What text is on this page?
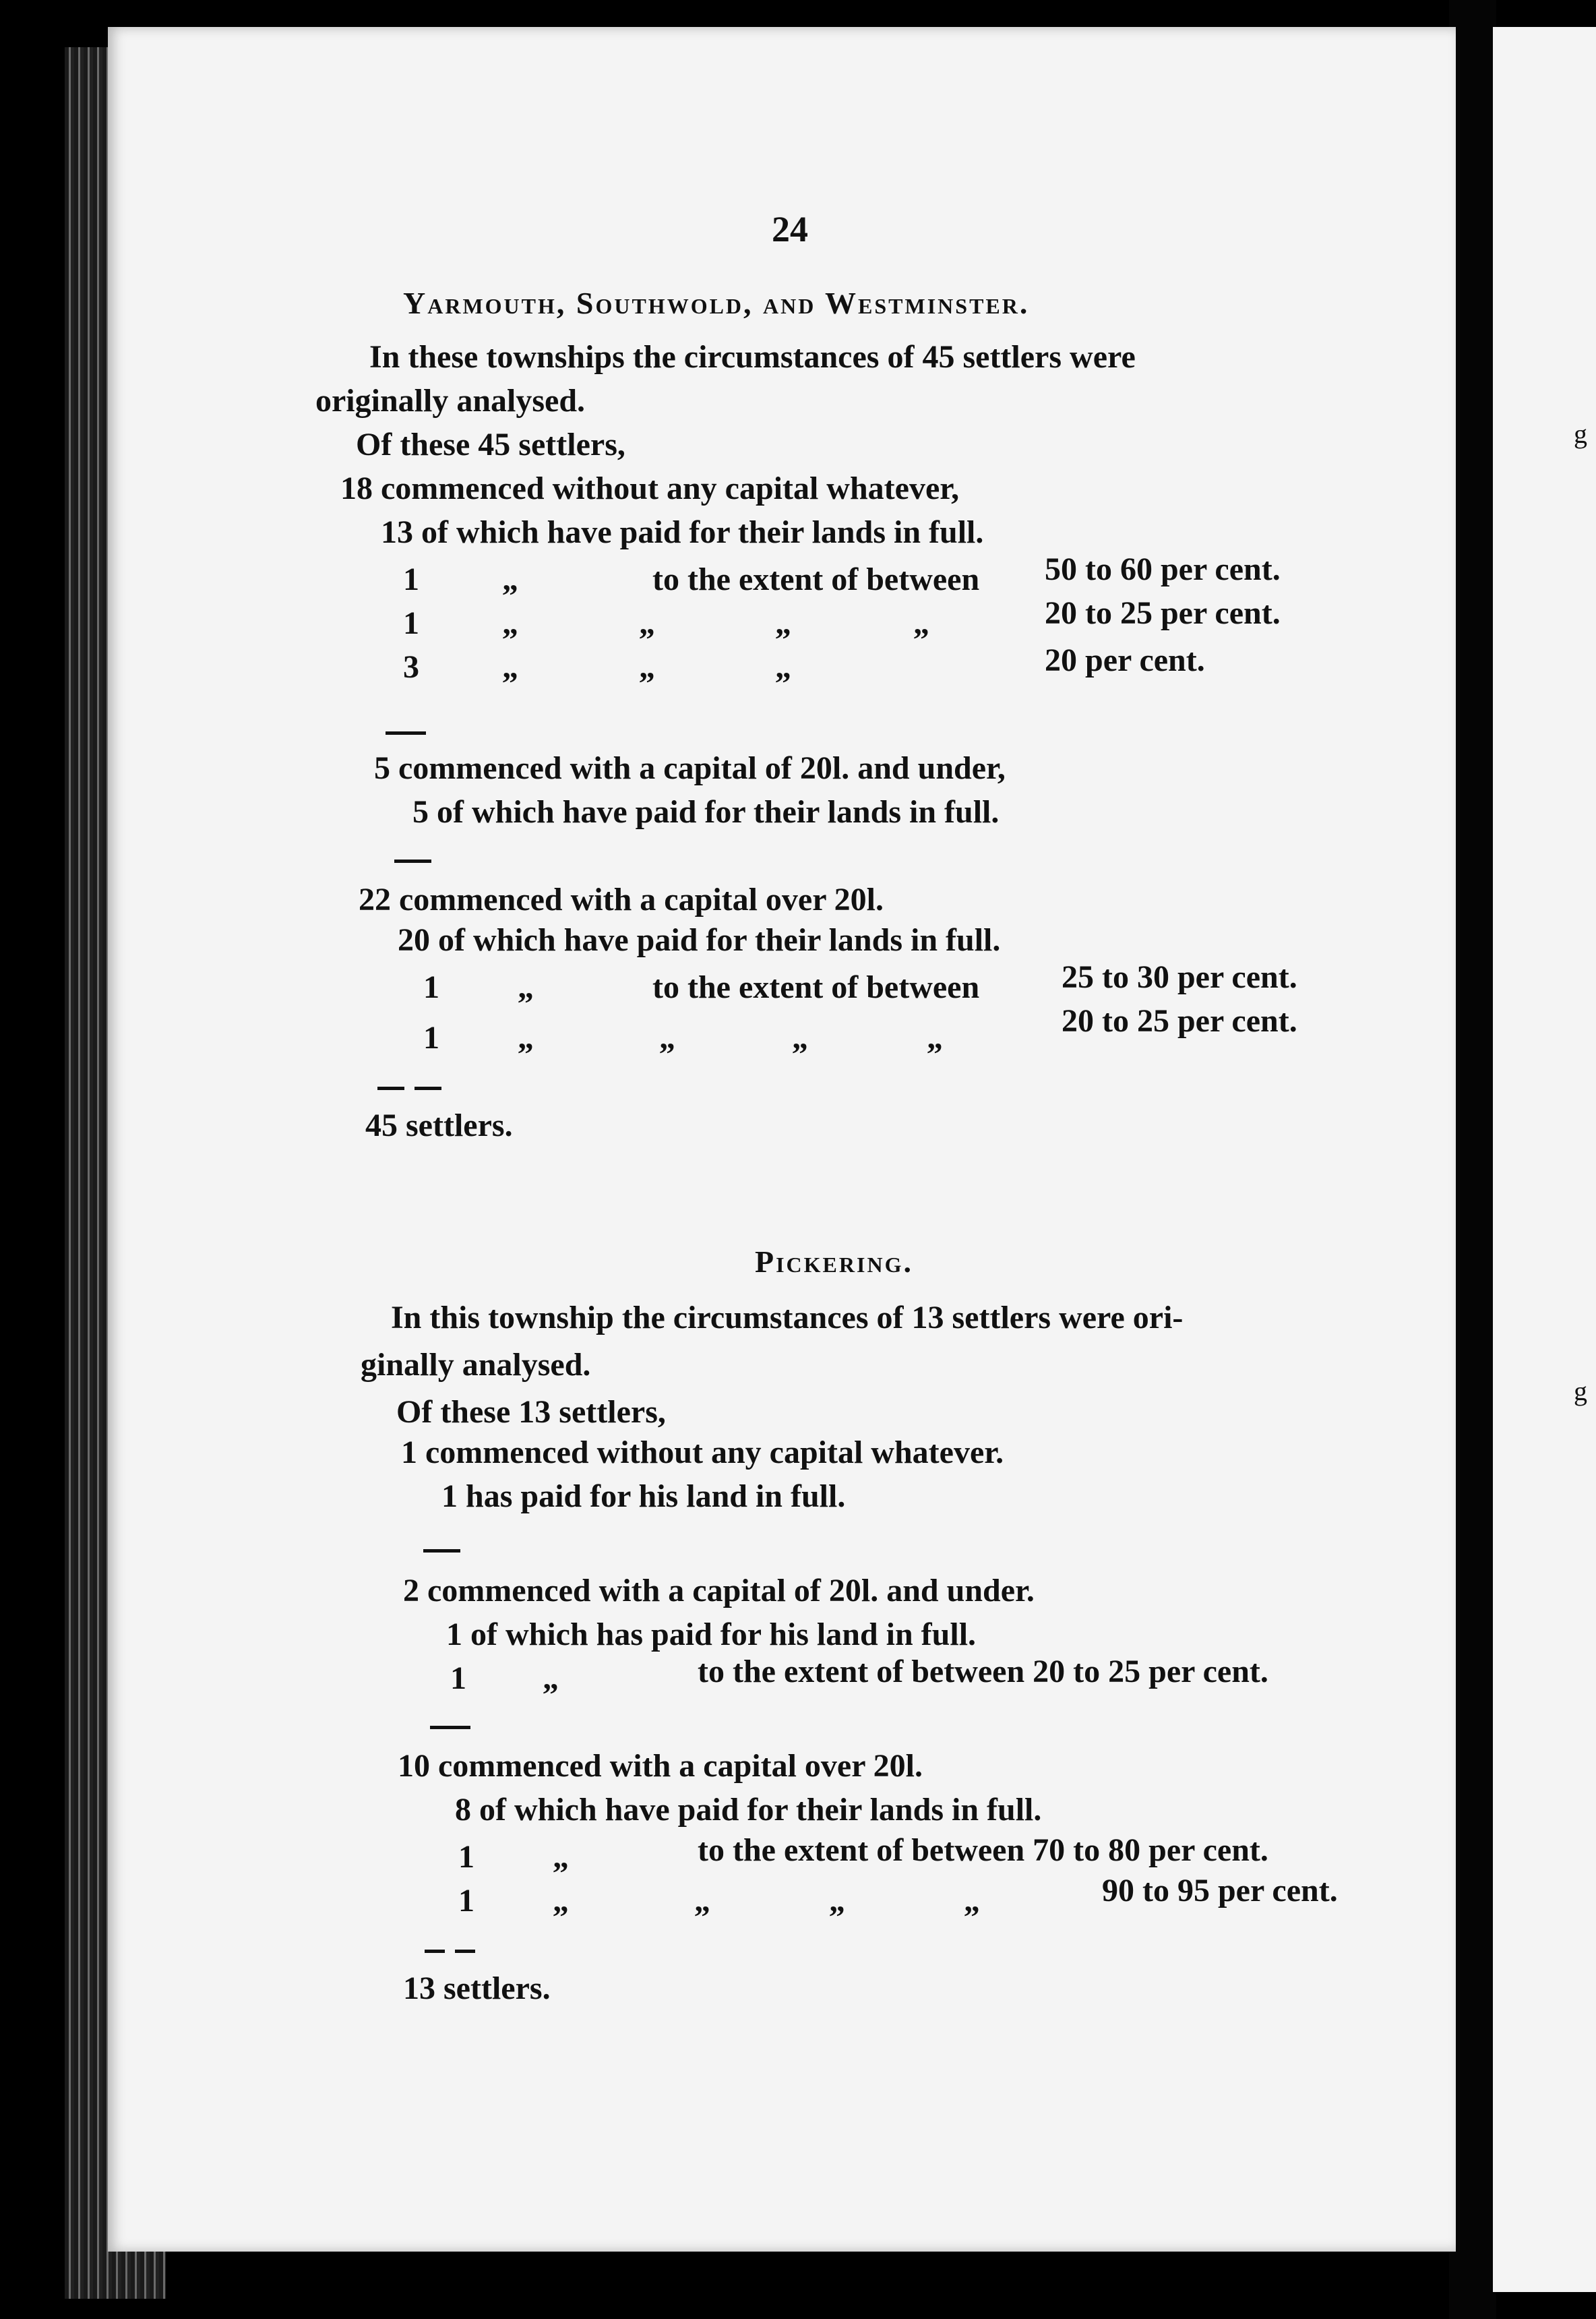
g
g
24
Yarmouth, Southwold, and Westminster.
In these townships the circumstances of 45 settlers were
originally analysed.
Of these 45 settlers,
18 commenced without any capital whatever,
13 of which have paid for their lands in full.
1	„	to the extent of between 50 to 60 per cent.
1	„	„	„	„	20 to 25 per cent.
3	„	„	„	20 per cent.
5 commenced with a capital of 20l. and under,
5 of which have paid for their lands in full.
22 commenced with a capital over 20l.
20 of which have paid for their lands in full.
1 „	to the extent of between	25 to 30 per cent.
1 „	„	„	„	20 to 25 per cent.
45 settlers.
Pickering.
In this township the circumstances of 13 settlers were ori-
ginally analysed.
Of these 13 settlers,
1 commenced without any capital whatever.
1 has paid for his land in full.
2 commenced with a capital of 20l. and under.
1 of which has paid for his land in full.
1 „	to the extent of between 20 to 25 per cent.
10 commenced with a capital over 20l.
8 of which have paid for their lands in full.
1 „	to the extent of between 70 to 80 per cent.
1 „	„	„	„	90 to 95 per cent.
13 settlers.
